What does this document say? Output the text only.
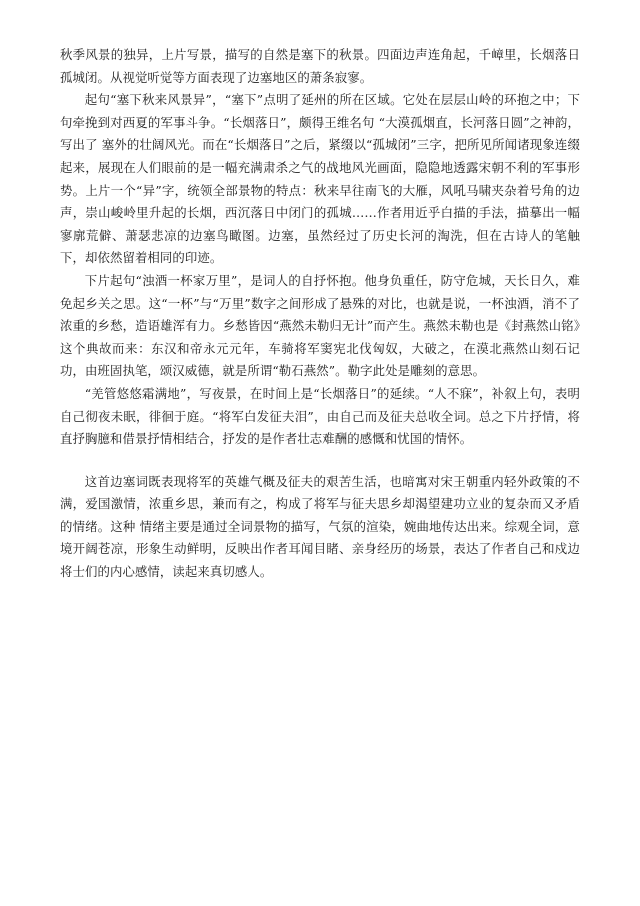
秋季风景的独异，上片写景，描写的自然是塞下的秋景。四面边声连角起，千嶂里，长烟落日孤城闭。从视觉听觉等方面表现了边塞地区的萧条寂寥。

起句“塞下秋来风景异”，“塞下”点明了延州的所在区域。它处在层层山岭的环抱之中；下句牵挽到对西夏的军事斗争。“长烟落日”，颇得王维名句 “大漠孤烟直，长河落日圆”之神韵，写出了 塞外的壮阔风光。而在“长烟落日”之后，紧缀以“孤城闭”三字，把所见所闻诸现象连缀起来，展现在人们眼前的是一幅充满肃杀之气的战地风光画面，隐隐地透露宋朝不利的军事形势。上片一个“异”字，统领全部景物的特点：秋来早往南飞的大雁，风吼马啸夹杂着号角的边声，崇山峻岭里升起的长烟，西沉落日中闭门的孤城……作者用近乎白描的手法，描摹出一幅寥廓荒僻、萧瑟悲凉的边塞鸟瞰图。边塞，虽然经过了历史长河的淘洗，但在古诗人的笔触下，却依然留着相同的印迹。

下片起句“浊酒一杯家万里”，是词人的自抒怀抱。他身负重任，防守危城，天长日久，难免起乡关之思。这“一杯”与“万里”数字之间形成了悬殊的对比，也就是说，一杯浊酒，消不了浓重的乡愁，造语雄浑有力。乡愁皆因“燕然未勒归无计”而产生。燕然未勒也是《封燕然山铭》这个典故而来：东汉和帝永元元年，车骑将军窦宪北伐匈奴，大破之，在漠北燕然山刻石记功，由班固执笔，颂汉威德，就是所谓“勒石燕然”。勒字此处是雕刻的意思。

“羌管悠悠霜满地”，写夜景，在时间上是“长烟落日”的延续。“人不寐”，补叙上句，表明自己彻夜未眠，徘徊于庭。“将军白发征夫泪”，由自己而及征夫总收全词。总之下片抒情，将直抒胸臆和借景抒情相结合，抒发的是作者壮志难酬的感慨和忧国的情怀。

这首边塞词既表现将军的英雄气概及征夫的艰苦生活，也暗寓对宋王朝重内轻外政策的不满，爱国激情，浓重乡思，兼而有之，构成了将军与征夫思乡却渴望建功立业的复杂而又矛盾的情绪。这种 情绪主要是通过全词景物的描写，气氛的渲染，婉曲地传达出来。综观全词，意境开阔苍凉，形象生动鲜明，反映出作者耳闻目睹、亲身经历的场景，表达了作者自己和戍边将士们的内心感情，读起来真切感人。
